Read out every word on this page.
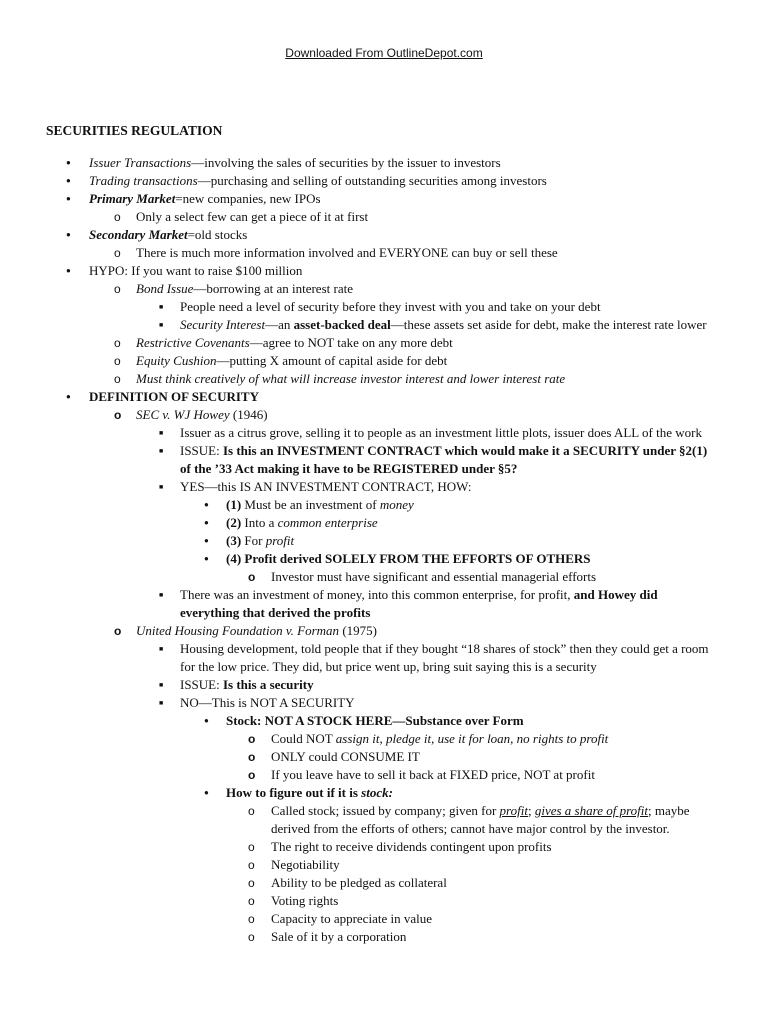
Downloaded From OutlineDepot.com
SECURITIES REGULATION
●
Issuer Transactions—involving the sales of securities by the issuer to investors
●
Trading transactions—purchasing and selling of outstanding securities among investors
●
Primary Market=new companies, new IPOs
o
Only a select few can get a piece of it at first
●
Secondary Market=old stocks
o
There is much more information involved and EVERYONE can buy or sell these
●
HYPO: If you want to raise $100 million
o
Bond Issue—borrowing at an interest rate
■
People need a level of security before they invest with you and take on your debt
■
Security Interest—an asset-backed deal—these assets set aside for debt, make the interest rate lower
o
Restrictive Covenants—agree to NOT take on any more debt
o
Equity Cushion—putting X amount of capital aside for debt
o
Must think creatively of what will increase investor interest and lower interest rate
●
DEFINITION OF SECURITY
o
SEC v. WJ Howey (1946)
■
Issuer as a citrus grove, selling it to people as an investment little plots, issuer does ALL of the work
■
ISSUE: Is this an INVESTMENT CONTRACT which would make it a SECURITY under §2(1) of the ’33 Act making it have to be REGISTERED under §5?
■
YES—this IS AN INVESTMENT CONTRACT, HOW:
●
(1) Must be an investment of money
●
(2) Into a common enterprise
●
(3) For profit
●
(4) Profit derived SOLELY FROM THE EFFORTS OF OTHERS
o
Investor must have significant and essential managerial efforts
■
There was an investment of money, into this common enterprise, for profit, and Howey did everything that derived the profits
o
United Housing Foundation v. Forman (1975)
■
Housing development, told people that if they bought “18 shares of stock” then they could get a room for the low price. They did, but price went up, bring suit saying this is a security
■
ISSUE: Is this a security
■
NO—This is NOT A SECURITY
●
Stock: NOT A STOCK HERE—Substance over Form
o
Could NOT assign it, pledge it, use it for loan, no rights to profit
o
ONLY could CONSUME IT
o
If you leave have to sell it back at FIXED price, NOT at profit
●
How to figure out if it is stock:
o
Called stock; issued by company; given for profit; gives a share of profit; maybe derived from the efforts of others; cannot have major control by the investor.
o
The right to receive dividends contingent upon profits
o
Negotiability
o
Ability to be pledged as collateral
o
Voting rights
o
Capacity to appreciate in value
o
Sale of it by a corporation
